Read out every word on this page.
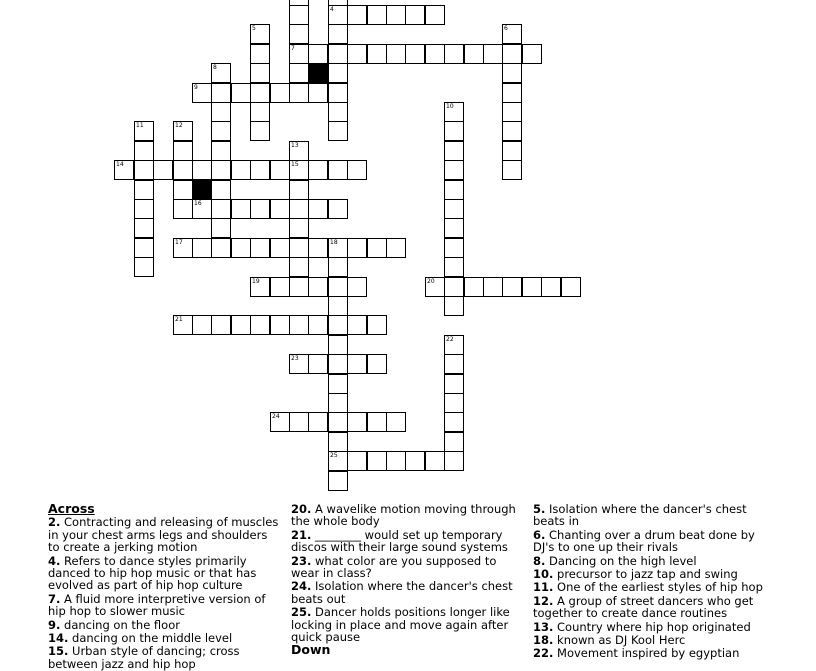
4
7
9
14	15
16
17	18
19	20
21
23
24
25
5	6
8
10
11	12
13
22
Across
2. Contracting and releasing of muscles in your chest arms legs and shoulders to create a jerking motion
4. Refers to dance styles primarily danced to hip hop music or that has evolved as part of hip hop culture
7. A fluid more interpretive version of hip hop to slower music
9. dancing on the floor
14. dancing on the middle level
15. Urban style of dancing; cross between jazz and hip hop
20. A wavelike motion moving through the whole body
21. ________ would set up temporary discos with their large sound systems
23. what color are you supposed to wear in class?
24. Isolation where the dancer's chest beats out
25. Dancer holds positions longer like locking in place and move again after quick pause
Down
5. Isolation where the dancer's chest beats in
6. Chanting over a drum beat done by DJ's to one up their rivals
8. Dancing on the high level
10. precursor to jazz tap and swing
11. One of the earliest styles of hip hop
12. A group of street dancers who get together to create dance routines
13. Country where hip hop originated
18. known as DJ Kool Herc
22. Movement inspired by egyptian
